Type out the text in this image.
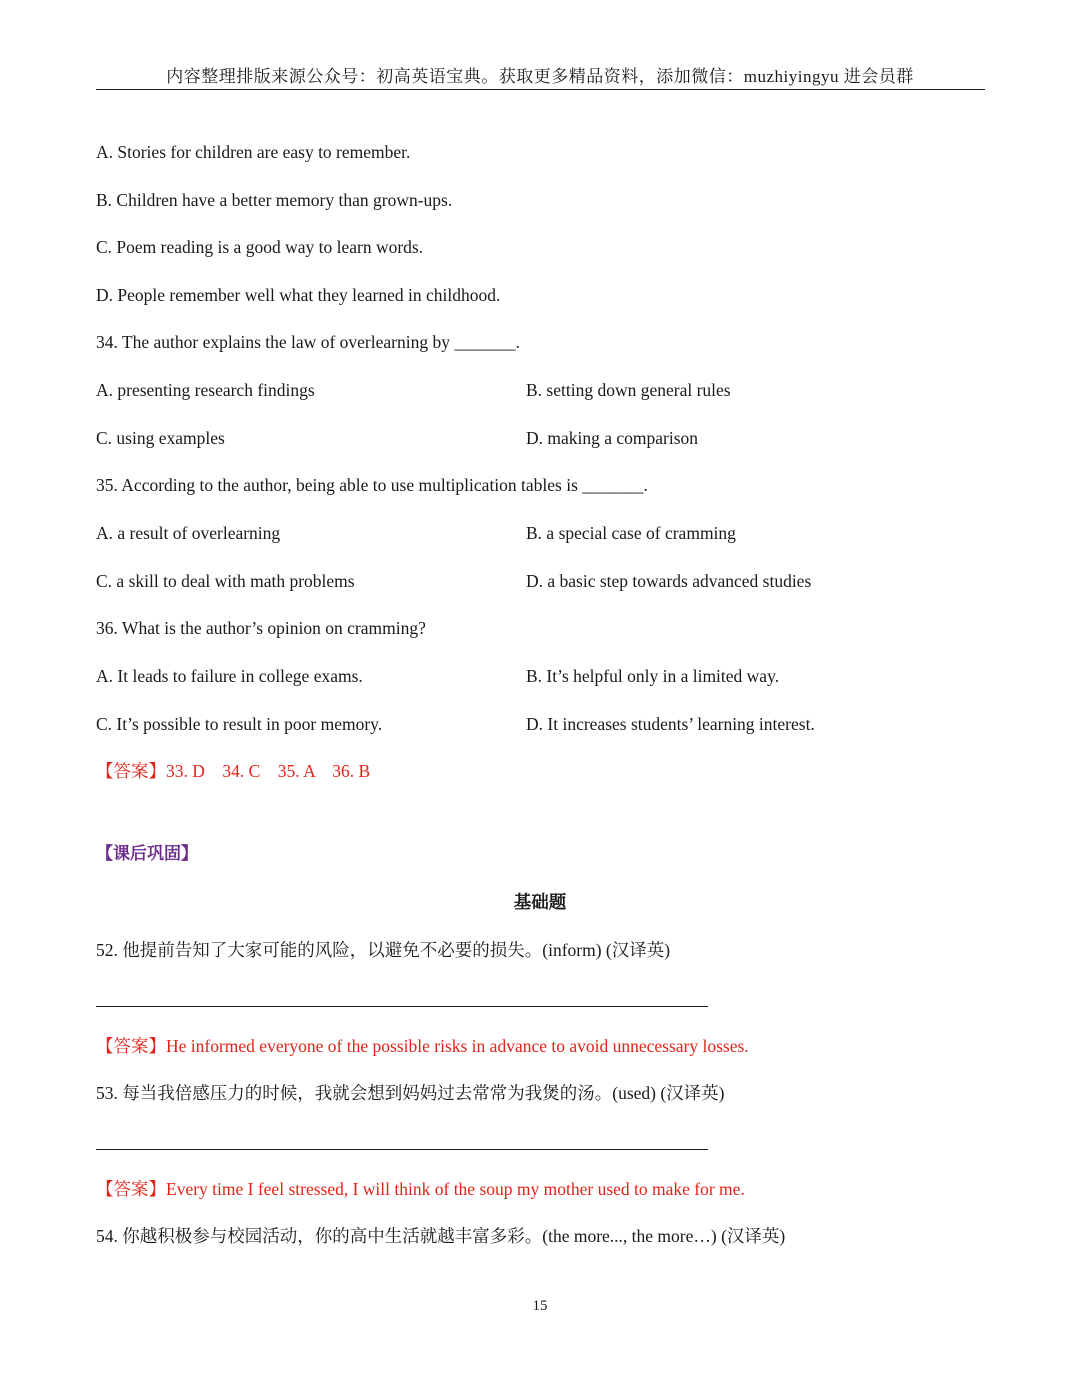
内容整理排版来源公众号：初高英语宝典。获取更多精品资料，添加微信：muzhiyingyu 进会员群
A. Stories for children are easy to remember.
B. Children have a better memory than grown-ups.
C. Poem reading is a good way to learn words.
D. People remember well what they learned in childhood.
34. The author explains the law of overlearning by _______.
A. presenting research findings	B. setting down general rules
C. using examples	D. making a comparison
35. According to the author, being able to use multiplication tables is _______.
A. a result of overlearning	B. a special case of cramming
C. a skill to deal with math problems	D. a basic step towards advanced studies
36. What is the author’s opinion on cramming?
A. It leads to failure in college exams.	B. It’s helpful only in a limited way.
C. It’s possible to result in poor memory.	D. It increases students’ learning interest.
【答案】33. D    34. C    35. A    36. B
【课后巩固】
基础题
52. 他提前告知了大家可能的风险，以避免不必要的损失。(inform) (汉译英)
【答案】He informed everyone of the possible risks in advance to avoid unnecessary losses.
53. 每当我倍感压力的时候，我就会想到妈妈过去常常为我煲的汤。(used) (汉译英)
【答案】Every time I feel stressed, I will think of the soup my mother used to make for me.
54. 你越积极参与校园活动，你的高中生活就越丰富多彩。(the more..., the more…) (汉译英)
15
